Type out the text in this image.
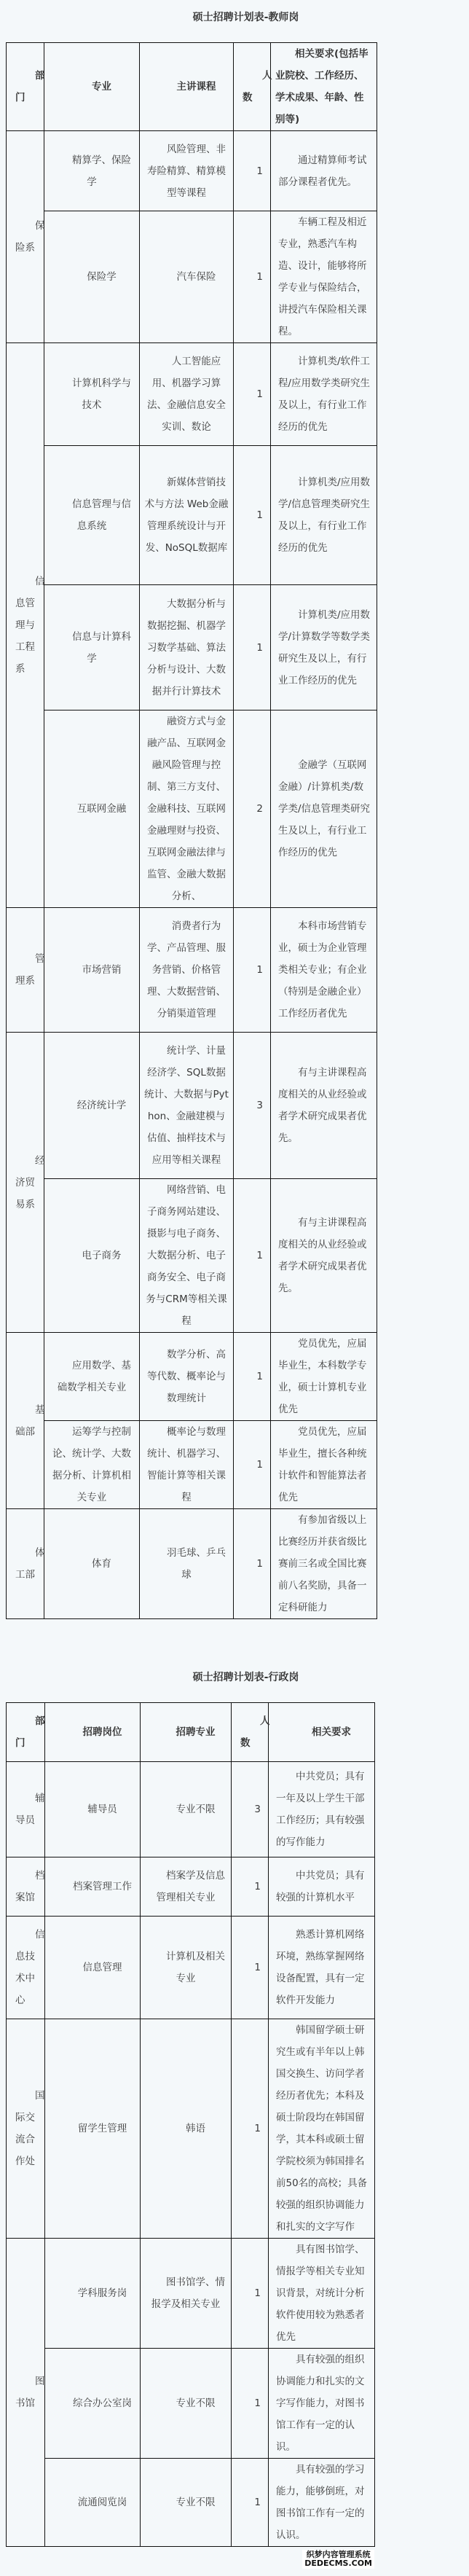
硕士招聘计划表-教师岗
部门	专业	主讲课程	人数	相关要求(包括毕业院校、工作经历、学术成果、年龄、性别等)
保险系	精算学、保险学	风险管理、非寿险精算、精算模型等课程	1	通过精算师考试部分课程者优先。
	保险学	汽车保险	1	车辆工程及相近专业，熟悉汽车构造、设计，能够将所学专业与保险结合，讲授汽车保险相关课程。
信息管理与工程系	计算机科学与技术	人工智能应用、机器学习算法、金融信息安全实训、数论	1	计算机类/软件工程/应用数学类研究生及以上，有行业工作经历的优先
	信息管理与信息系统	新媒体营销技术与方法 Web金融管理系统设计与开发、NoSQL数据库	1	计算机类/应用数学/信息管理类研究生及以上，有行业工作经历的优先
	信息与计算科学	大数据分析与数据挖掘、机器学习数学基础、算法分析与设计、大数据并行计算技术	1	计算机类/应用数学/计算数学等数学类研究生及以上，有行业工作经历的优先
	互联网金融	融资方式与金融产品、互联网金融风险管理与控制、第三方支付、金融科技、互联网金融理财与投资、互联网金融法律与监管、金融大数据分析、	2	金融学（互联网金融）/计算机类/数学类/信息管理类研究生及以上，有行业工作经历的优先
管理系	市场营销	消费者行为学、产品管理、服务营销、价格管理、大数据营销、分销渠道管理	1	本科市场营销专业，硕士为企业管理类相关专业；有企业（特别是金融企业）工作经历者优先
经济贸易系	经济统计学	统计学、计量经济学、SQL数据统计、大数据与Python、金融建模与估值、抽样技术与应用等相关课程	3	有与主讲课程高度相关的从业经验或者学术研究成果者优先。
	电子商务	网络营销、电子商务网站建设、摄影与电子商务、大数据分析、电子商务安全、电子商务与CRM等相关课程	1	有与主讲课程高度相关的从业经验或者学术研究成果者优先。
基础部	应用数学、基础数学相关专业	数学分析、高等代数、概率论与数理统计	1	党员优先，应届毕业生，本科数学专业，硕士计算机专业优先
	运筹学与控制论、统计学、大数据分析、计算机相关专业	概率论与数理统计、机器学习、智能计算等相关课程	1	党员优先，应届毕业生，擅长各种统计软件和智能算法者优先
体工部	体育	羽毛球、乒乓球	1	有参加省级以上比赛经历并获省级比赛前三名或全国比赛前八名奖励，具备一定科研能力
硕士招聘计划表-行政岗
部门	招聘岗位	招聘专业	人数	相关要求
辅导员	辅导员	专业不限	3	中共党员；具有一年及以上学生干部工作经历；具有较强的写作能力
档案馆	档案管理工作	档案学及信息管理相关专业	1	中共党员；具有较强的计算机水平
信息技术中心	信息管理	计算机及相关专业	1	熟悉计算机网络环境，熟练掌握网络设备配置，具有一定软件开发能力
国际交流合作处	留学生管理	韩语	1	韩国留学硕士研究生或有半年以上韩国交换生、访问学者经历者优先；本科及硕士阶段均在韩国留学，其本科或硕士留学院校须为韩国排名前50名的高校；具备较强的组织协调能力和扎实的文字写作
图书馆	学科服务岗	图书馆学、情报学及相关专业	1	具有图书馆学、情报学等相关专业知识背景，对统计分析软件使用较为熟悉者优先
	综合办公室岗	专业不限	1	具有较强的组织协调能力和扎实的文字写作能力，对图书馆工作有一定的认识。
	流通阅览岗	专业不限	1	具有较强的学习能力，能够倒班，对图书馆工作有一定的认识。
织梦内容管理系统
DEDECMS.COM
